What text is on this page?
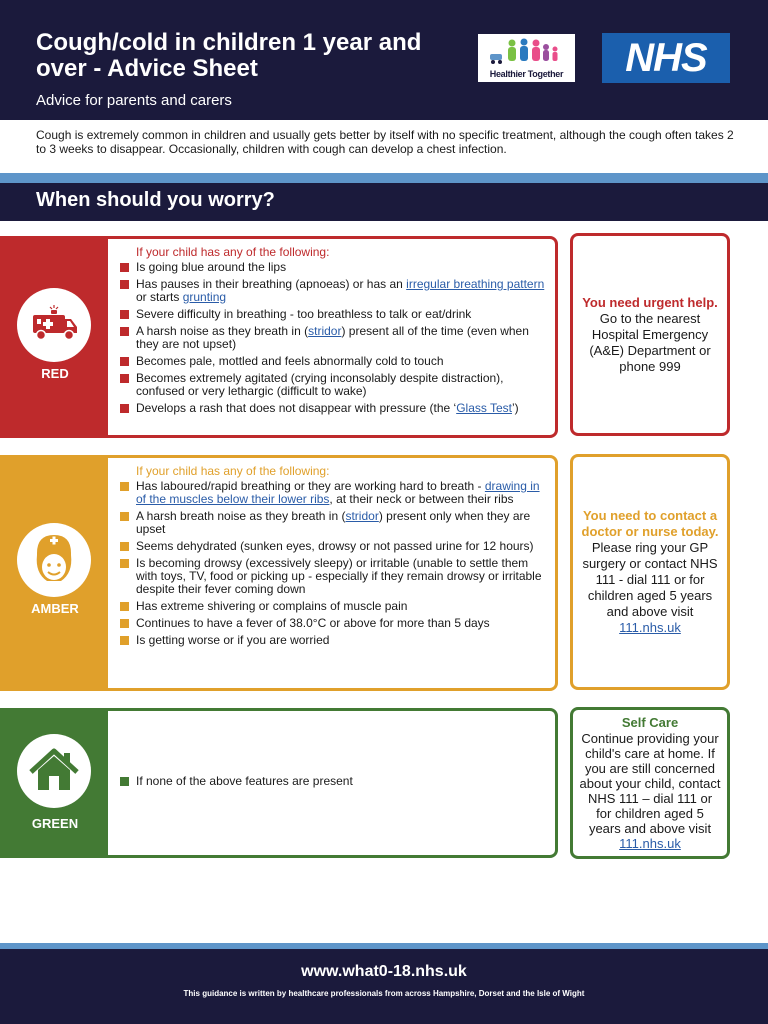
Cough/cold in children 1 year and over - Advice Sheet
Advice for parents and carers
Healthier Together	NHS
Cough is extremely common in children and usually gets better by itself with no specific treatment, although the cough often takes 2 to 3 weeks to disappear. Occasionally, children with cough can develop a chest infection.
When should you worry?
RED
If your child has any of the following:
Is going blue around the lips
Has pauses in their breathing (apnoeas) or has an irregular breathing pattern or starts grunting
Severe difficulty in breathing - too breathless to talk or eat/drink
A harsh noise as they breath in (stridor) present all of the time (even when they are not upset)
Becomes pale, mottled and feels abnormally cold to touch
Becomes extremely agitated (crying inconsolably despite distraction), confused or very lethargic (difficult to wake)
Develops a rash that does not disappear with pressure (the ‘Glass Test’)
You need urgent help.
Go to the nearest Hospital Emergency (A&E) Department or phone 999
AMBER
If your child has any of the following:
Has laboured/rapid breathing or they are working hard to breath - drawing in of the muscles below their lower ribs, at their neck or between their ribs
A harsh breath noise as they breath in (stridor) present only when they are upset
Seems dehydrated (sunken eyes, drowsy or not passed urine for 12 hours)
Is becoming drowsy (excessively sleepy) or irritable (unable to settle them with toys, TV, food or picking up - especially if they remain drowsy or irritable despite their fever coming down
Has extreme shivering or complains of muscle pain
Continues to have a fever of 38.0°C or above for more than 5 days
Is getting worse or if you are worried
You need to contact a doctor or nurse today.
Please ring your GP surgery or contact NHS 111 - dial 111 or for children aged 5 years and above visit
111.nhs.uk
GREEN
If none of the above features are present
Self Care
Continue providing your child's care at home. If you are still concerned about your child, contact NHS 111 – dial 111 or for children aged 5 years and above visit
111.nhs.uk
www.what0-18.nhs.uk
This guidance is written by healthcare professionals from across Hampshire, Dorset and the Isle of Wight
